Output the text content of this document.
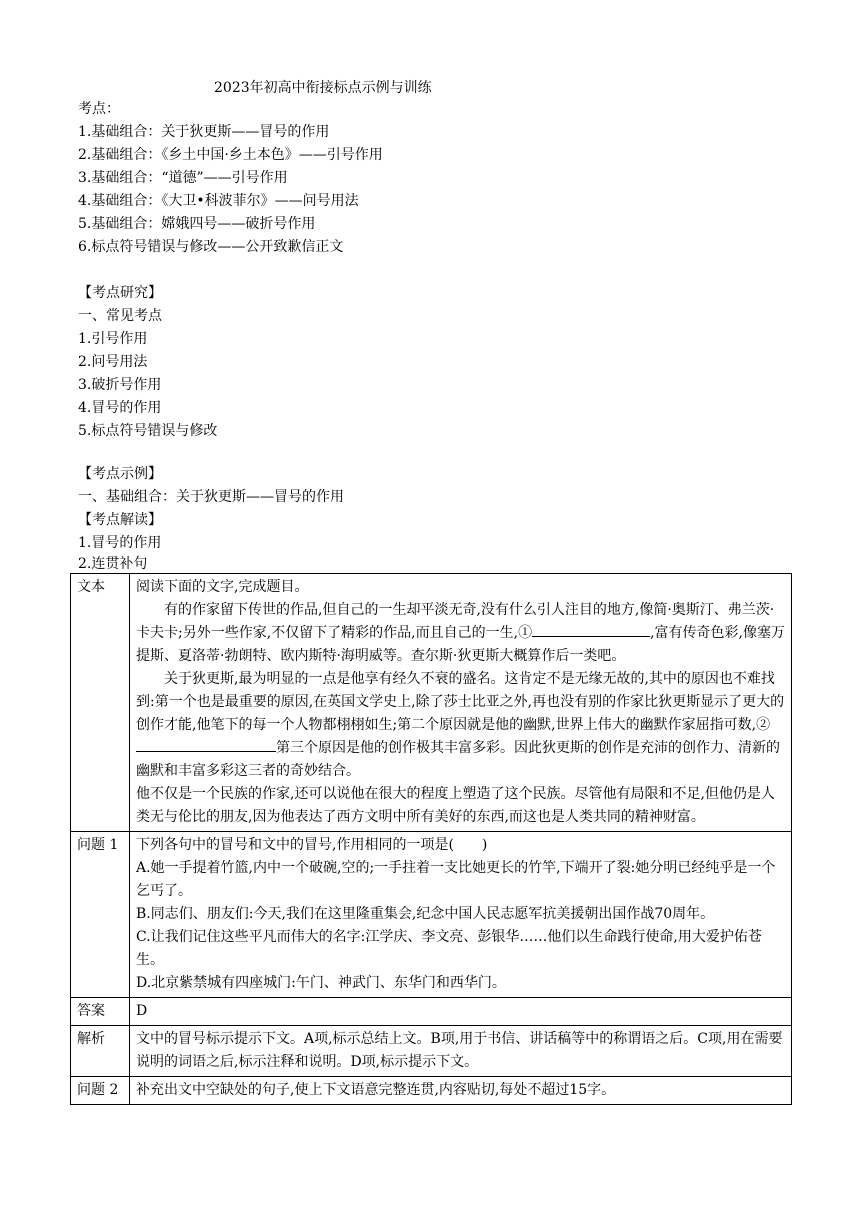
2023年初高中衔接标点示例与训练
考点：
1.基础组合：关于狄更斯——冒号的作用
2.基础组合：《乡土中国·乡土本色》——引号作用
3.基础组合：“道德”——引号作用
4.基础组合：《大卫•科波菲尔》——问号用法
5.基础组合：嫦娥四号——破折号作用
6.标点符号错误与修改——公开致歉信正文
【考点研究】
一、常见考点
1.引号作用
2.问号用法
3.破折号作用
4.冒号的作用
5.标点符号错误与修改
【考点示例】
一、基础组合：关于狄更斯——冒号的作用
【考点解读】
1.冒号的作用
2.连贯补句
文本	阅读下面的文字,完成题目。

有的作家留下传世的作品,但自己的一生却平淡无奇,没有什么引人注目的地方,像简·奥斯汀、弗兰茨·卡夫卡;另外一些作家,不仅留下了精彩的作品,而且自己的一生,① ,富有传奇色彩,像塞万提斯、夏洛蒂·勃朗特、欧内斯特·海明威等。查尔斯·狄更斯大概算作后一类吧。

关于狄更斯,最为明显的一点是他享有经久不衰的盛名。这肯定不是无缘无故的,其中的原因也不难找到:第一个也是最重要的原因,在英国文学史上,除了莎士比亚之外,再也没有别的作家比狄更斯显示了更大的创作才能,他笔下的每一个人物都栩栩如生;第二个原因就是他的幽默,世界上伟大的幽默作家屈指可数,②第三个原因是他的创作极其丰富多彩。因此狄更斯的创作是充沛的创作力、清新的幽默和丰富多彩这三者的奇妙结合。

他不仅是一个民族的作家,还可以说他在很大的程度上塑造了这个民族。尽管他有局限和不足,但他仍是人类无与伦比的朋友,因为他表达了西方文明中所有美好的东西,而这也是人类共同的精神财富。

问题 1	下列各句中的冒号和文中的冒号,作用相同的一项是(　　)

A.她一手提着竹篮,内中一个破碗,空的;一手拄着一支比她更长的竹竿,下端开了裂:她分明已经纯乎是一个乞丐了。

B.同志们、朋友们:今天,我们在这里隆重集会,纪念中国人民志愿军抗美援朝出国作战70周年。

C.让我们记住这些平凡而伟大的名字:江学庆、李文亮、彭银华……他们以生命践行使命,用大爱护佑苍生。

D.北京紫禁城有四座城门:午门、神武门、东华门和西华门。

答案	D
解析	文中的冒号标示提示下文。A项,标示总结上文。B项,用于书信、讲话稿等中的称谓语之后。C项,用在需要说明的词语之后,标示注释和说明。D项,标示提示下文。
问题 2	补充出文中空缺处的句子,使上下文语意完整连贯,内容贴切,每处不超过15字。
